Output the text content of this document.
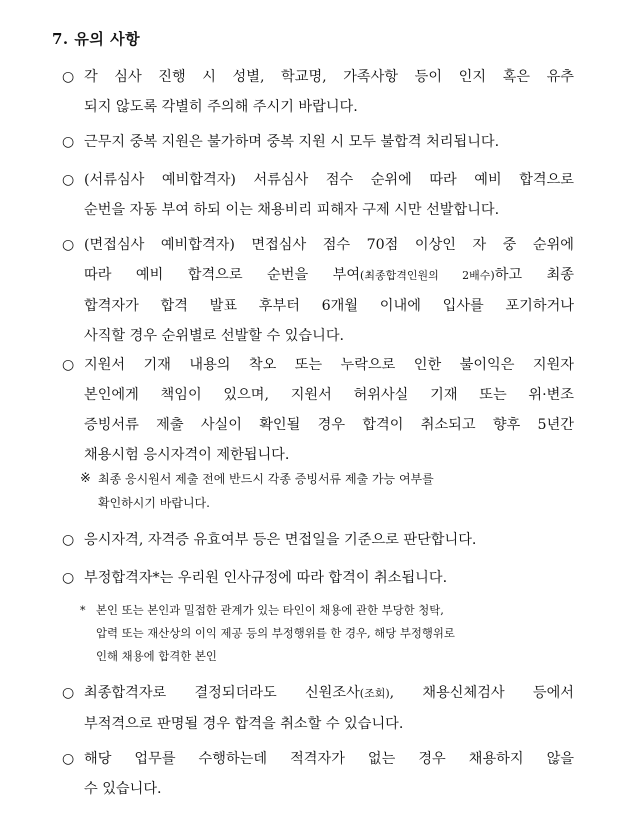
7. 유의 사항
○ 각 심사 진행 시 성별, 학교명, 가족사항 등이 인지 혹은 유추
되지 않도록 각별히 주의해 주시기 바랍니다.
○ 근무지 중복 지원은 불가하며 중복 지원 시 모두 불합격 처리됩니다.
○ (서류심사 예비합격자) 서류심사 점수 순위에 따라 예비 합격으로
순번을 자동 부여 하되 이는 채용비리 피해자 구제 시만 선발합니다.
○ (면접심사 예비합격자) 면접심사 점수 70점 이상인 자 중 순위에
따라 예비 합격으로 순번을 부여(최종합격인원의 2배수)하고 최종
합격자가 합격 발표 후부터 6개월 이내에 입사를 포기하거나
사직할 경우 순위별로 선발할 수 있습니다.
○ 지원서 기재 내용의 착오 또는 누락으로 인한 불이익은 지원자
본인에게 책임이 있으며, 지원서 허위사실 기재 또는 위·변조
증빙서류 제출 사실이 확인될 경우 합격이 취소되고 향후 5년간
채용시험 응시자격이 제한됩니다.
※ 최종 응시원서 제출 전에 반드시 각종 증빙서류 제출 가능 여부를
확인하시기 바랍니다.
○ 응시자격, 자격증 유효여부 등은 면접일을 기준으로 판단합니다.
○ 부정합격자*는 우리원 인사규정에 따라 합격이 취소됩니다.
* 본인 또는 본인과 밀접한 관계가 있는 타인이 채용에 관한 부당한 청탁,
압력 또는 재산상의 이익 제공 등의 부정행위를 한 경우, 해당 부정행위로
인해 채용에 합격한 본인
○ 최종합격자로 결정되더라도 신원조사(조회), 채용신체검사 등에서
부적격으로 판명될 경우 합격을 취소할 수 있습니다.
○ 해당 업무를 수행하는데 적격자가 없는 경우 채용하지 않을
수 있습니다.
